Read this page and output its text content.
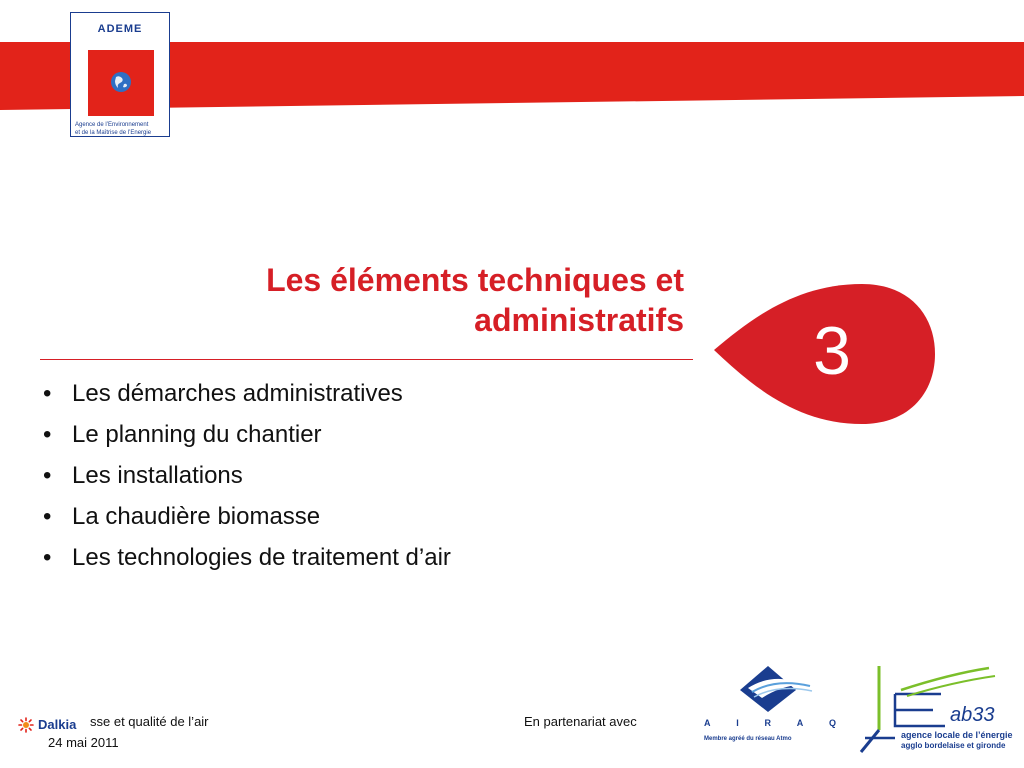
ADEME
Agence de l’Environnement
et de la Maîtrise de l’Energie
Les éléments techniques et
administratifs	3
• Les démarches administratives
• Le planning du chantier
• Les installations
• La chaudière biomasse
• Les technologies de traitement d’air
Dalkia sse et qualité de l’air
24 mai 2011
En partenariat avec	A	I	R	A	Q
Membre agréé du réseau Atmo
ab33
agence locale de l’énergie
agglo bordelaise et gironde
